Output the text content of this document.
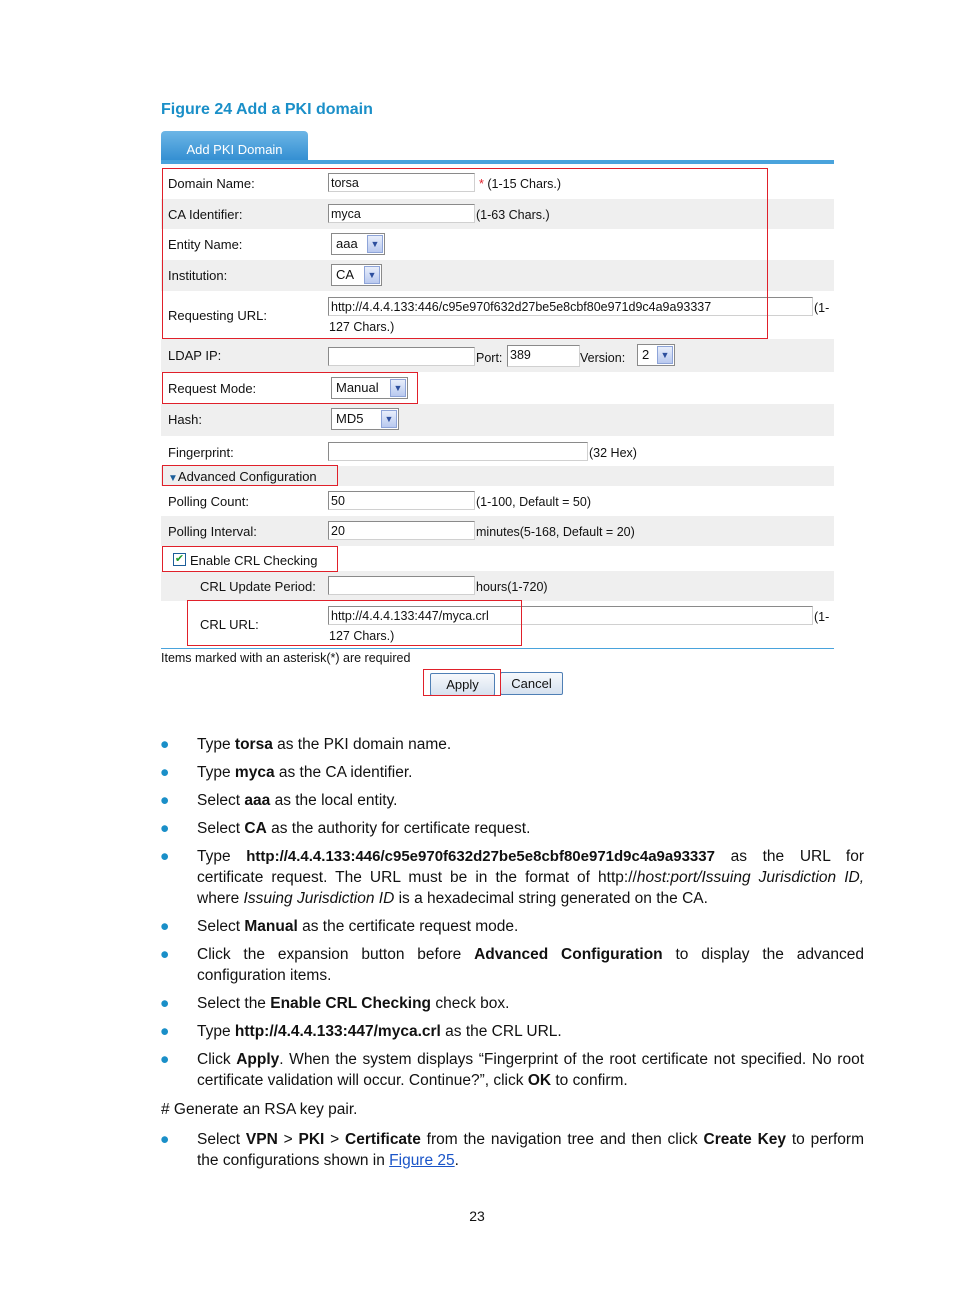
Figure 24 Add a PKI domain
Add PKI Domain
Domain Name:	torsa	* (1-15 Chars.)
CA Identifier:	myca	(1-63 Chars.)
Entity Name:	aaa	▼
Institution:	CA	▼
Requesting URL:
http://4.4.4.133:446/c95e970f632d27be5e8cbf80e971d9c4a9a93337	(1-
127 Chars.)
LDAP IP:	Port: 389	Version:	2	▼
Request Mode:	Manual	▼
Hash:	MD5	▼
Fingerprint:	(32 Hex)
▼Advanced Configuration
Polling Count:	50	(1-100, Default = 50)
Polling Interval:	20	minutes(5-168, Default = 20)
✔ Enable CRL Checking
CRL Update Period:	hours(1-720)
CRL URL:
http://4.4.4.133:447/myca.crl	(1-
127 Chars.)
Items marked with an asterisk(*) are required
Apply	Cancel
● Type torsa as the PKI domain name.
● Type myca as the CA identifier.
● Select aaa as the local entity.
● Select CA as the authority for certificate request.
● Type http://4.4.4.133:446/c95e970f632d27be5e8cbf80e971d9c4a9a93337 as the URL for certificate request. The URL must be in the format of http://host:port/Issuing Jurisdiction ID, where Issuing Jurisdiction ID is a hexadecimal string generated on the CA.
● Select Manual as the certificate request mode.
● Click the expansion button before Advanced Configuration to display the advanced configuration items.
● Select the Enable CRL Checking check box.
● Type http://4.4.4.133:447/myca.crl as the CRL URL.
● Click Apply. When the system displays “Fingerprint of the root certificate not specified. No root certificate validation will occur. Continue?”, click OK to confirm.
# Generate an RSA key pair.
● Select VPN > PKI > Certificate from the navigation tree and then click Create Key to perform the configurations shown in Figure 25.
23
